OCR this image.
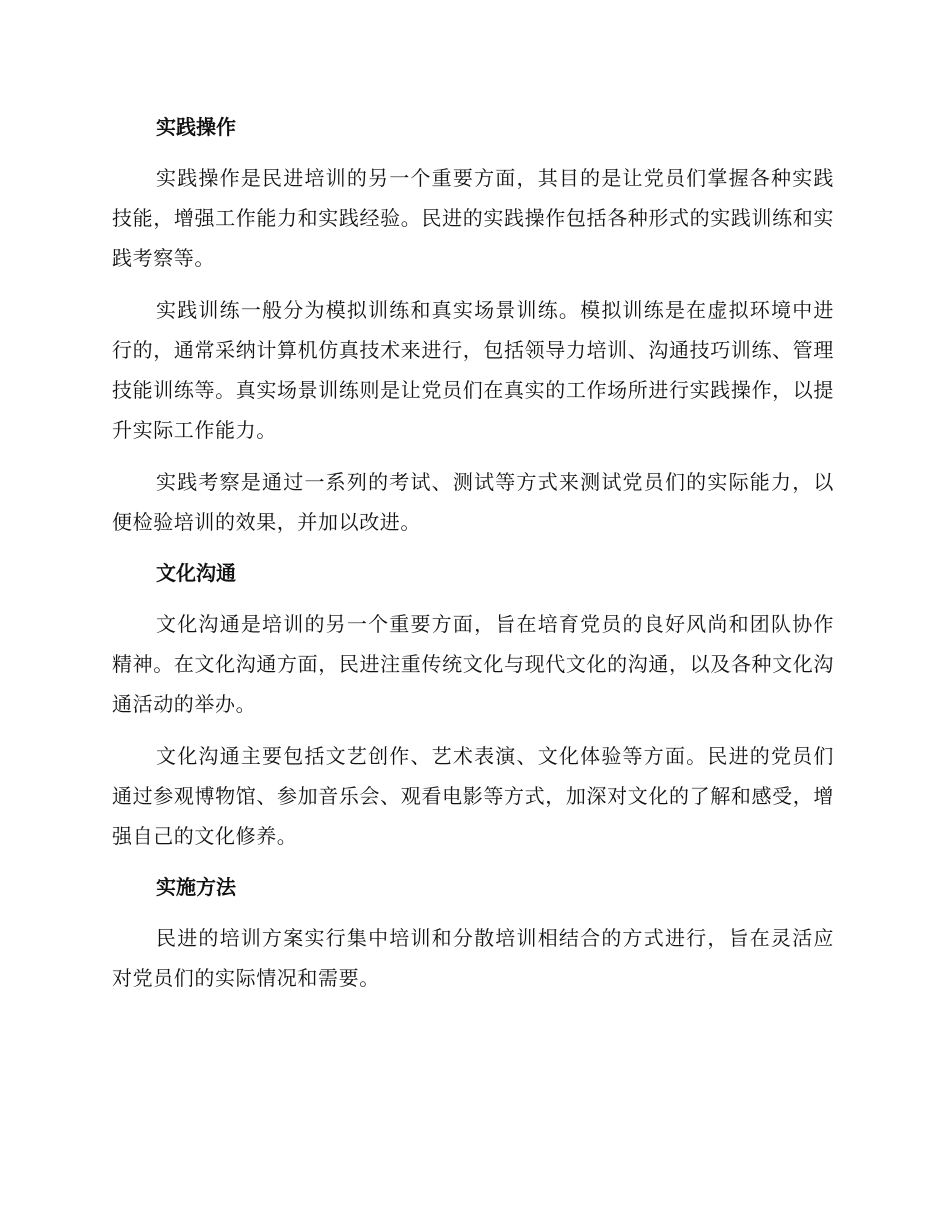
实践操作

实践操作是民进培训的另一个重要方面，其目的是让党员们掌握各种实践技能，增强工作能力和实践经验。民进的实践操作包括各种形式的实践训练和实践考察等。

实践训练一般分为模拟训练和真实场景训练。模拟训练是在虚拟环境中进行的，通常采纳计算机仿真技术来进行，包括领导力培训、沟通技巧训练、管理技能训练等。真实场景训练则是让党员们在真实的工作场所进行实践操作，以提升实际工作能力。

实践考察是通过一系列的考试、测试等方式来测试党员们的实际能力，以便检验培训的效果，并加以改进。

文化沟通

文化沟通是培训的另一个重要方面，旨在培育党员的良好风尚和团队协作精神。在文化沟通方面，民进注重传统文化与现代文化的沟通，以及各种文化沟通活动的举办。

文化沟通主要包括文艺创作、艺术表演、文化体验等方面。民进的党员们通过参观博物馆、参加音乐会、观看电影等方式，加深对文化的了解和感受，增强自己的文化修养。

实施方法

民进的培训方案实行集中培训和分散培训相结合的方式进行，旨在灵活应对党员们的实际情况和需要。
